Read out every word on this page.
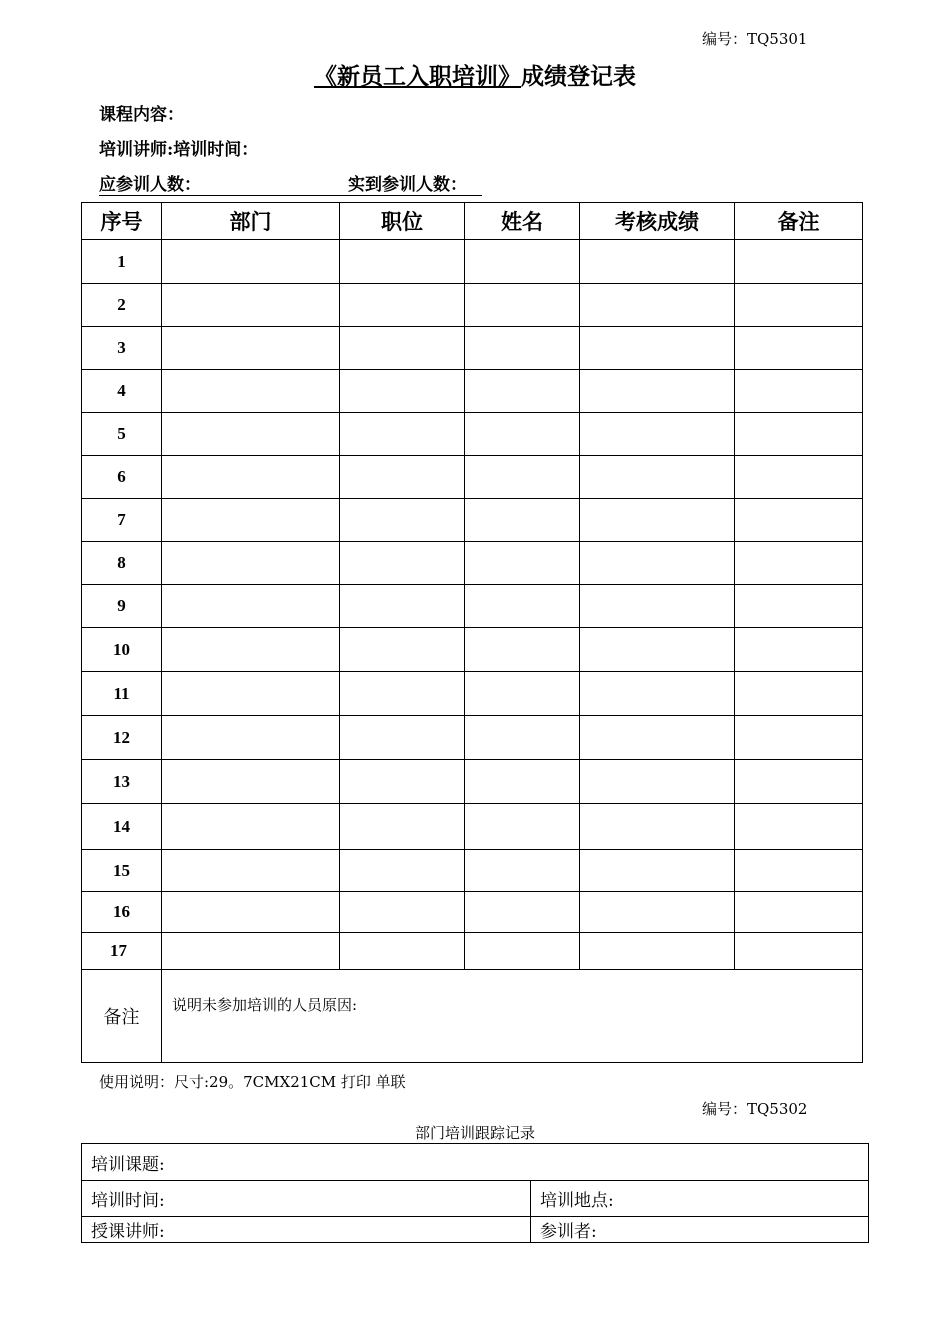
编号：TQ5301
《新员工入职培训》成绩登记表
课程内容：
培训讲师:培训时间：
应参训人数：	实到参训人数：
序号	部门	职位	姓名	考核成绩	备注
1					
2					
3					
4					
5					
6					
7					
8					
9					
10					
11					
12					
13					
14					
15					
16					
17					
备注	说明未参加培训的人员原因:				
使用说明：尺寸:29。7CMX21CM 打印 单联
编号：TQ5302
部门培训跟踪记录
培训课题:	
培训时间:	培训地点:
授课讲师:	参训者:
